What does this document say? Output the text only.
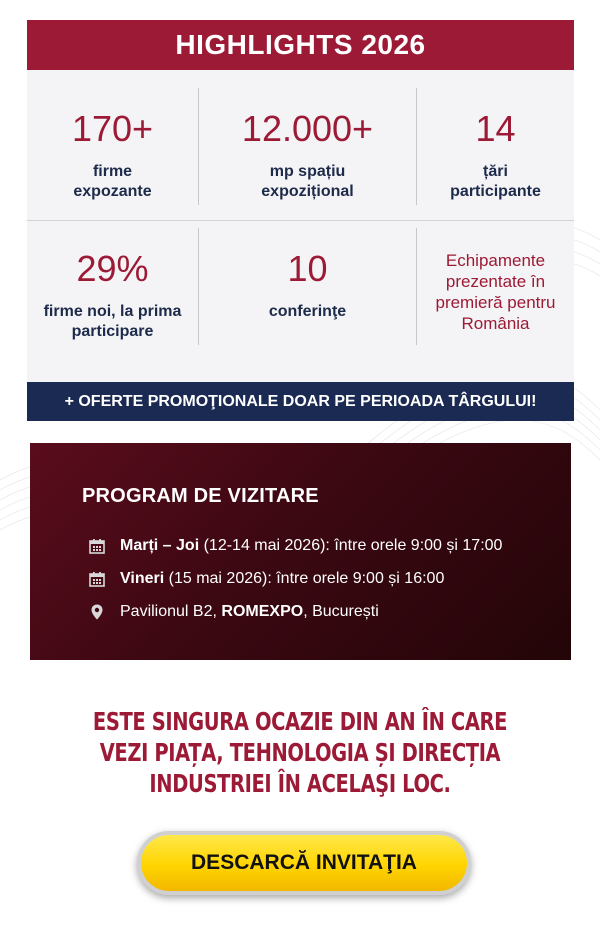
HIGHLIGHTS 2026
170+
firme
expozante
12.000+
mp spațiu
expozițional
14
țări
participante
29%
firme noi, la prima
participare
10
conferinţe
Echipamente
prezentate în
premieră pentru
România
+ OFERTE PROMOŢIONALE DOAR PE PERIOADA TÂRGULUI!
PROGRAM DE VIZITARE
Marți – Joi (12-14 mai 2026): între orele 9:00 și 17:00
Vineri (15 mai 2026): între orele 9:00 și 16:00
Pavilionul B2, ROMEXPO , București
ESTE SINGURA OCAZIE DIN AN ÎN CARE
VEZI PIAȚA, TEHNOLOGIA ȘI DIRECȚIA
INDUSTRIEI ÎN ACELAŞI LOC.
DESCARCĂ INVITAŢIA
